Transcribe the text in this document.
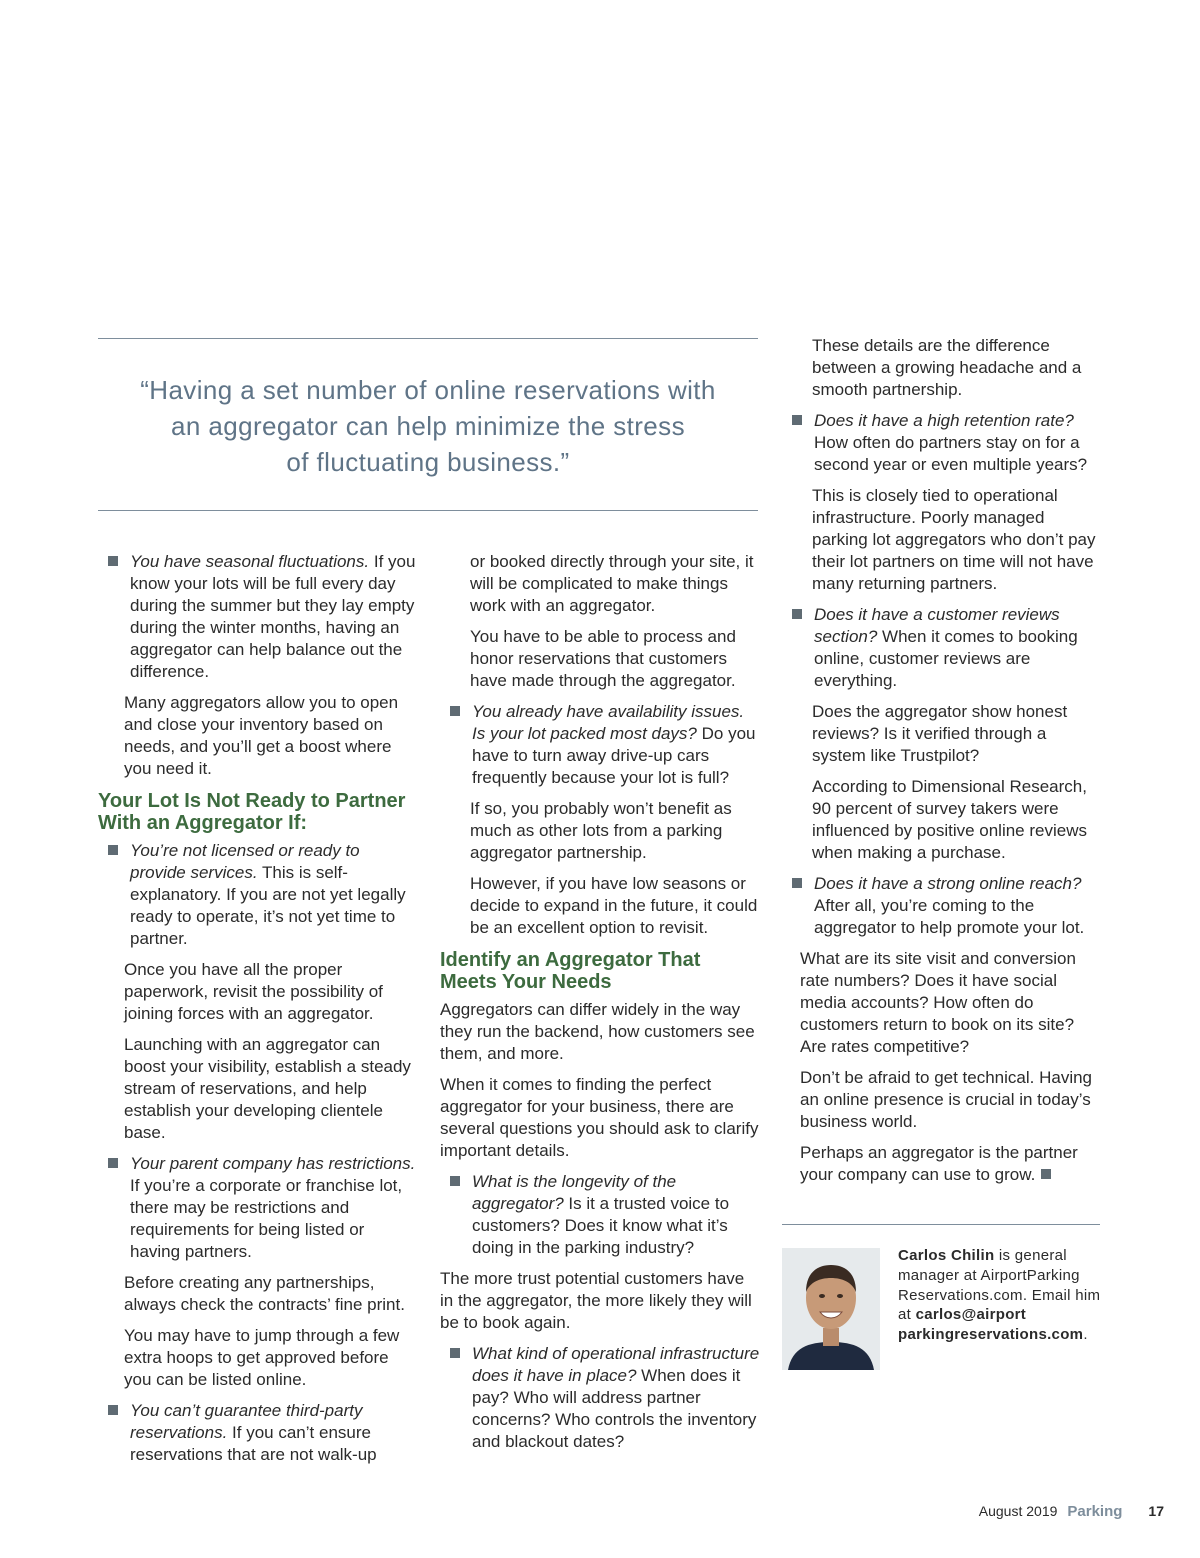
“Having a set number of online reservations with
an aggregator can help minimize the stress
of fluctuating business.”
You have seasonal fluctuations. If you know your lots will be full every day during the summer but they lay empty during the winter months, having an aggregator can help balance out the difference.

Many aggregators allow you to open and close your inventory based on needs, and you’ll get a boost where you need it.

Your Lot Is Not Ready to Partner With an Aggregator If:
You’re not licensed or ready to provide services. This is self-explanatory. If you are not yet legally ready to operate, it’s not yet time to partner.

Once you have all the proper paperwork, revisit the possibility of joining forces with an aggregator.

Launching with an aggregator can boost your visibility, establish a steady stream of reservations, and help establish your developing clientele base.

Your parent company has restrictions. If you’re a corporate or franchise lot, there may be restrictions and requirements for being listed or having partners.

Before creating any partnerships, always check the contracts’ fine print.

You may have to jump through a few extra hoops to get approved before you can be listed online.

You can’t guarantee third-party reservations. If you can’t ensure reservations that are not walk-up

or booked directly through your site, it will be complicated to make things work with an aggregator.

You have to be able to process and honor reservations that customers have made through the aggregator.

You already have availability issues. Is your lot packed most days? Do you have to turn away drive-up cars frequently because your lot is full?

If so, you probably won’t benefit as much as other lots from a parking aggregator partnership.

However, if you have low seasons or decide to expand in the future, it could be an excellent option to revisit.

Identify an Aggregator That Meets Your Needs

Aggregators can differ widely in the way they run the backend, how customers see them, and more.

When it comes to finding the perfect aggregator for your business, there are several questions you should ask to clarify important details.

What is the longevity of the aggregator? Is it a trusted voice to customers? Does it know what it’s doing in the parking industry?

The more trust potential customers have in the aggregator, the more likely they will be to book again.

What kind of operational infrastructure does it have in place? When does it pay? Who will address partner concerns? Who controls the inventory and blackout dates?

These details are the difference between a growing headache and a smooth partnership.

Does it have a high retention rate? How often do partners stay on for a second year or even multiple years?

This is closely tied to operational infrastructure. Poorly managed parking lot aggregators who don’t pay their lot partners on time will not have many returning partners.

Does it have a customer reviews section? When it comes to booking online, customer reviews are everything.

Does the aggregator show honest reviews? Is it verified through a system like Trustpilot?

According to Dimensional Research, 90 percent of survey takers were influenced by positive online reviews when making a purchase.

Does it have a strong online reach? After all, you’re coming to the aggregator to help promote your lot.

What are its site visit and conversion rate numbers? Does it have social media accounts? How often do customers return to book on its site? Are rates competitive?

Don’t be afraid to get technical. Having an online presence is crucial in today’s business world.

Perhaps an aggregator is the partner your company can use to grow.

Carlos Chilin is general manager at AirportParking Reservations.com. Email him at carlos@airport parkingreservations.com.
August 2019 Parking 17
